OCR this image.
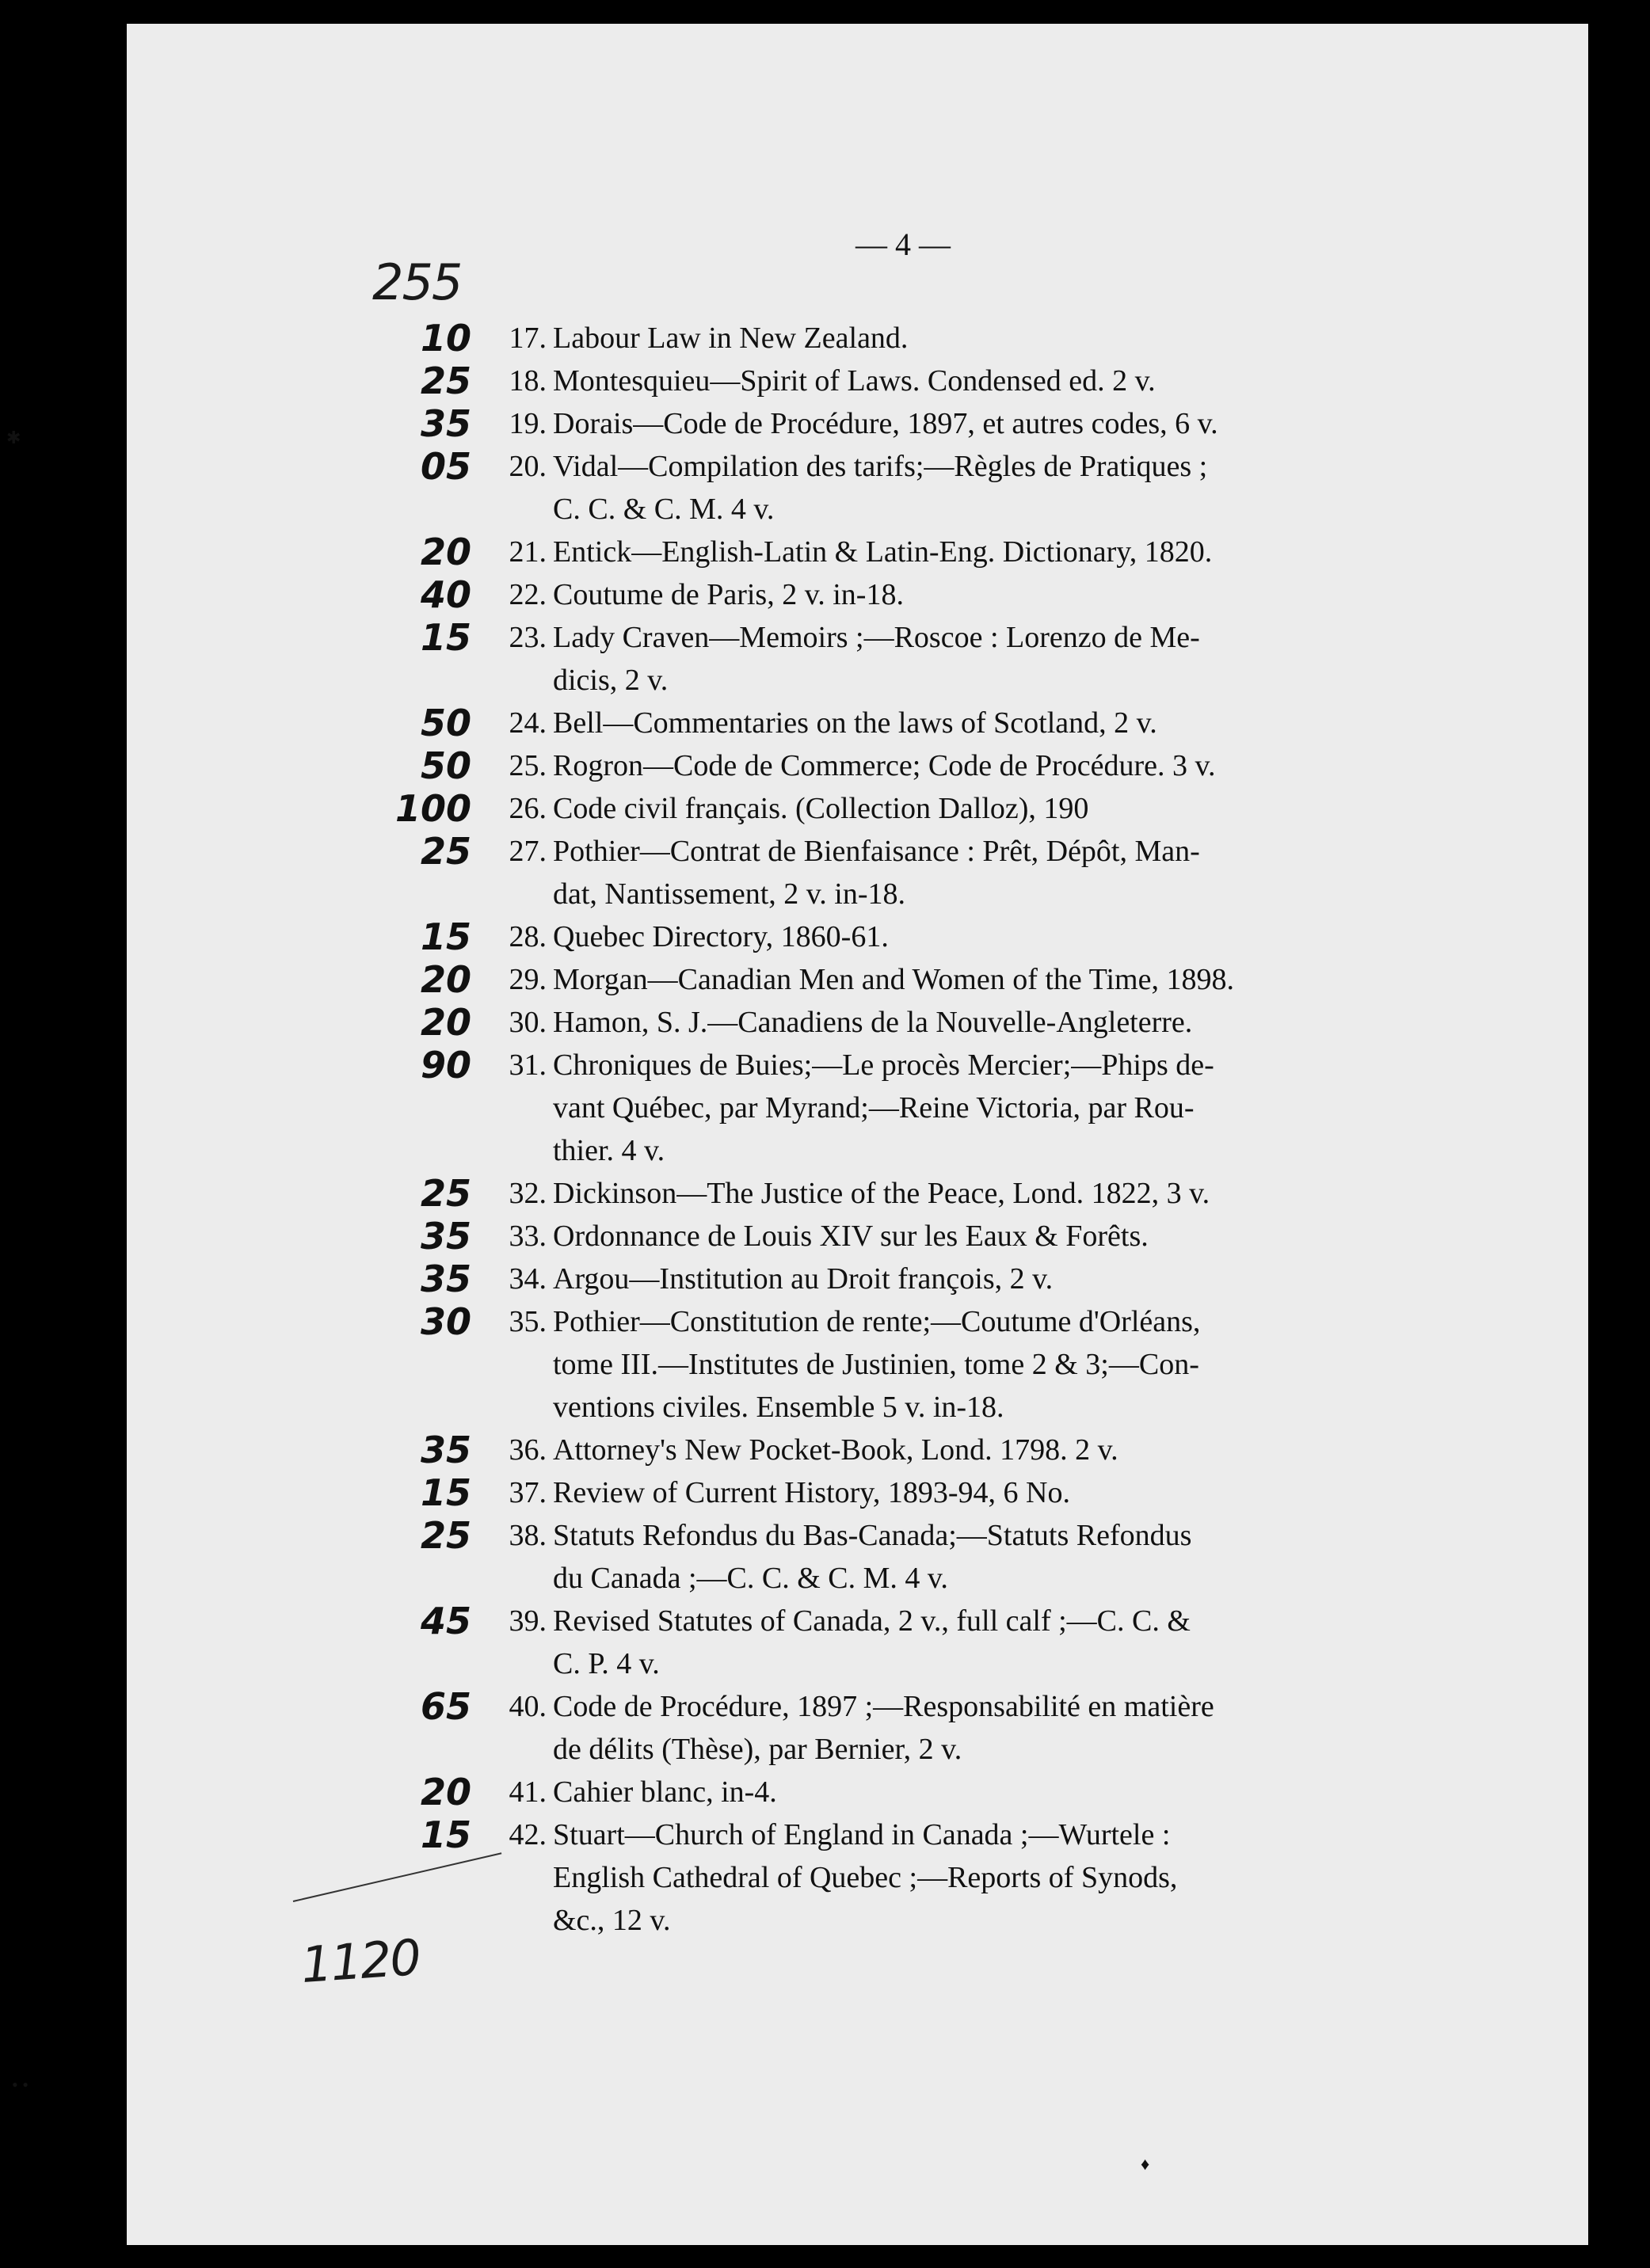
— 4 —
255
1120
✱
• •
♦
10	17. Labour Law in New Zealand.
25	18. Montesquieu—Spirit of Laws. Condensed ed. 2 v.
35	19. Dorais—Code de Procédure, 1897, et autres codes, 6 v.
05	20. Vidal—Compilation des tarifs;—Règles de Pratiques ;
C. C. & C. M. 4 v.
20	21. Entick—English-Latin & Latin-Eng. Dictionary, 1820.
40	22. Coutume de Paris, 2 v. in-18.
15	23. Lady Craven—Memoirs ;—Roscoe : Lorenzo de Me-
dicis, 2 v.
50	24. Bell—Commentaries on the laws of Scotland, 2 v.
50	25. Rogron—Code de Commerce; Code de Procédure. 3 v.
100	26. Code civil français. (Collection Dalloz), 190
25	27. Pothier—Contrat de Bienfaisance : Prêt, Dépôt, Man-
dat, Nantissement, 2 v. in-18.
15	28. Quebec Directory, 1860-61.
20	29. Morgan—Canadian Men and Women of the Time, 1898.
20	30. Hamon, S. J.—Canadiens de la Nouvelle-Angleterre.
90	31. Chroniques de Buies;—Le procès Mercier;—Phips de-
vant Québec, par Myrand;—Reine Victoria, par Rou-
thier. 4 v.
25	32. Dickinson—The Justice of the Peace, Lond. 1822, 3 v.
35	33. Ordonnance de Louis XIV sur les Eaux & Forêts.
35	34. Argou—Institution au Droit françois, 2 v.
30	35. Pothier—Constitution de rente;—Coutume d'Orléans,
tome III.—Institutes de Justinien, tome 2 & 3;—Con-
ventions civiles. Ensemble 5 v. in-18.
35	36. Attorney's New Pocket-Book, Lond. 1798. 2 v.
15	37. Review of Current History, 1893-94, 6 No.
25	38. Statuts Refondus du Bas-Canada;—Statuts Refondus
du Canada ;—C. C. & C. M. 4 v.
45	39. Revised Statutes of Canada, 2 v., full calf ;—C. C. &
C. P. 4 v.
65	40. Code de Procédure, 1897 ;—Responsabilité en matière
de délits (Thèse), par Bernier, 2 v.
20	41. Cahier blanc, in-4.
15	42. Stuart—Church of England in Canada ;—Wurtele :
English Cathedral of Quebec ;—Reports of Synods,
&c., 12 v.
